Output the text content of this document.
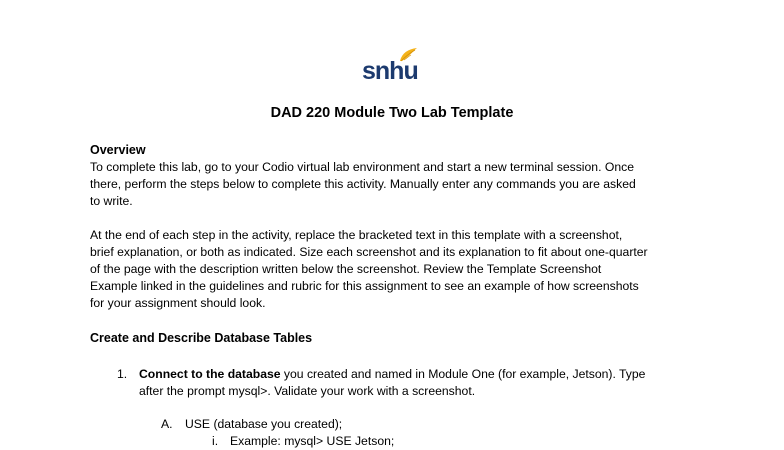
snhu
DAD 220 Module Two Lab Template
Overview
To complete this lab, go to your Codio virtual lab environment and start a new terminal session. Once
there, perform the steps below to complete this activity. Manually enter any commands you are asked
to write.
At the end of each step in the activity, replace the bracketed text in this template with a screenshot,
brief explanation, or both as indicated. Size each screenshot and its explanation to fit about one-quarter
of the page with the description written below the screenshot. Review the Template Screenshot
Example linked in the guidelines and rubric for this assignment to see an example of how screenshots
for your assignment should look.
Create and Describe Database Tables
1. Connect to the database you created and named in Module One (for example, Jetson). Type
after the prompt mysql>. Validate your work with a screenshot.
A. USE (database you created);
i. Example: mysql> USE Jetson;
